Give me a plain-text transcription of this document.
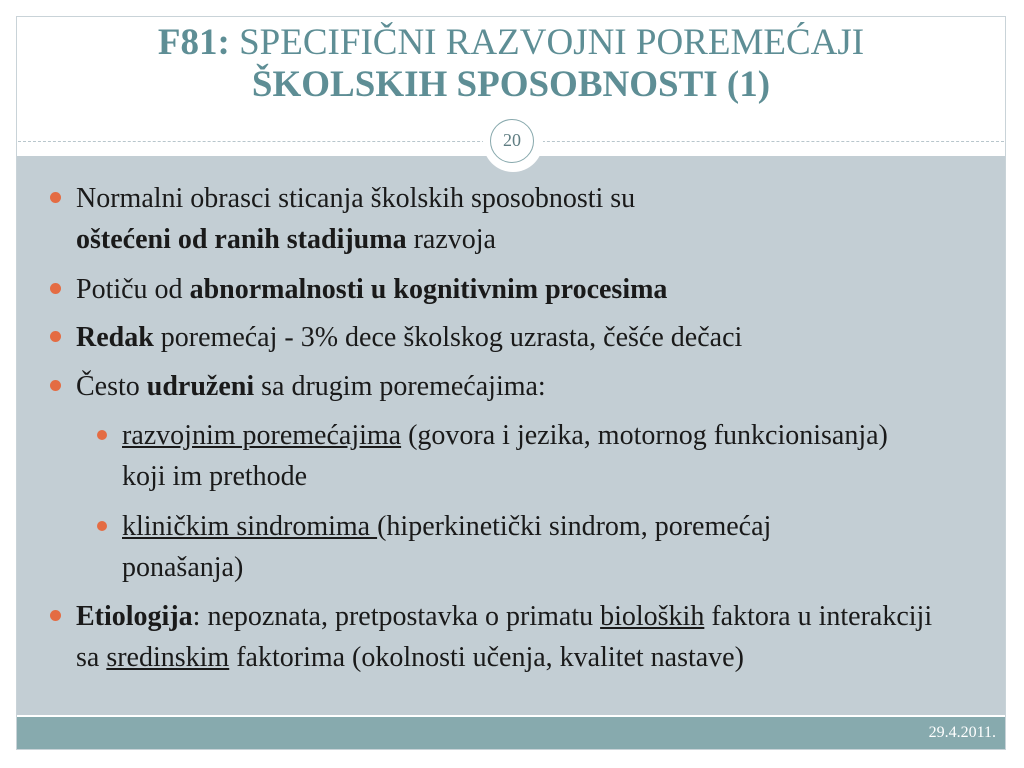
F81: SPECIFIČNI RAZVOJNI POREMEĆAJI
ŠKOLSKIH SPOSOBNOSTI (1)
Normalni obrasci sticanja školskih sposobnosti su
oštećeni od ranih stadijuma razvoja
Potiču od abnormalnosti u kognitivnim procesima
Redak poremećaj - 3% dece školskog uzrasta, češće dečaci
Često udruženi sa drugim poremećajima:
razvojnim poremećajima (govora i jezika, motornog funkcionisanja) koji im prethode
kliničkim sindromima (hiperkinetički sindrom, poremećaj ponašanja)
Etiologija: nepoznata, pretpostavka o primatu bioloških faktora u interakciji sa sredinskim faktorima (okolnosti učenja, kvalitet nastave)
20
29.4.2011.
